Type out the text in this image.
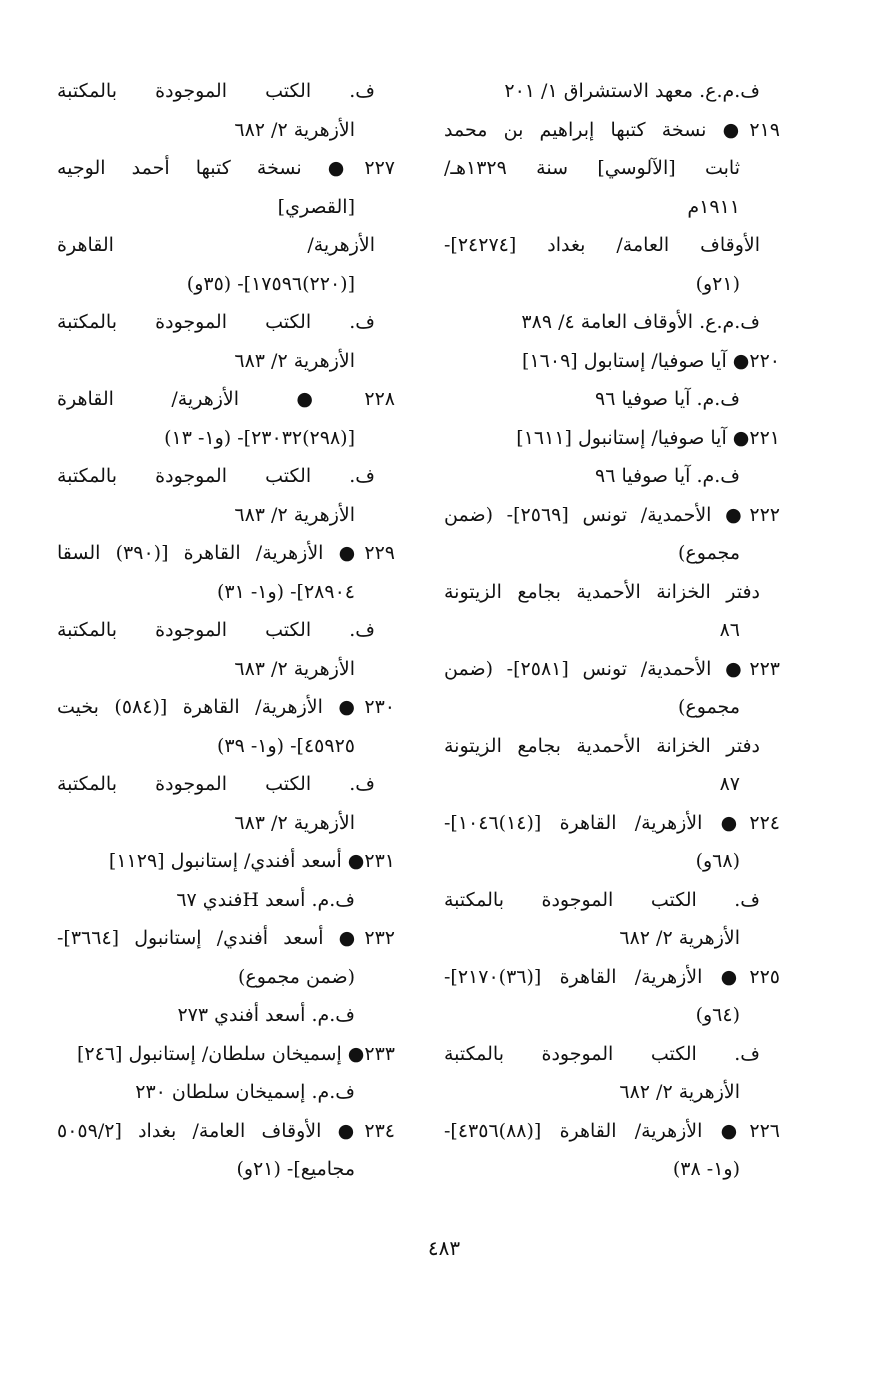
ف.م.ع. معهد الاستشراق ١/ ٢٠١
٢١٩● نسخة كتبها إبراهيم بن محمد
ثابت [الآلوسي] سنة ١٣٢٩هـ/
١٩١١م
الأوقاف العامة/ بغداد [٢٤٢٧٤]-
(٢١و)
ف.م.ع. الأوقاف العامة ٤/ ٣٨٩
٢٢٠● آيا صوفيا/ إستابول [١٦٠٩]
ف.م. آيا صوفيا ٩٦
٢٢١● آيا صوفيا/ إستانبول [١٦١١]
ف.م. آيا صوفيا ٩٦
٢٢٢● الأحمدية/ تونس [٢٥٦٩]- (ضمن
مجموع)
دفتر الخزانة الأحمدية بجامع الزيتونة
٨٦
٢٢٣● الأحمدية/ تونس [٢٥٨١]- (ضمن
مجموع)
دفتر الخزانة الأحمدية بجامع الزيتونة
٨٧
٢٢٤● الأزهرية/ القاهرة [(١٤)١٠٤٦]-
(٦٨و)
ف. الكتب الموجودة بالمكتبة
الأزهرية ٢/ ٦٨٢
٢٢٥● الأزهرية/ القاهرة [(٣٦)٢١٧٠]-
(٦٤و)
ف. الكتب الموجودة بالمكتبة
الأزهرية ٢/ ٦٨٢
٢٢٦● الأزهرية/ القاهرة [(٨٨)٤٣٥٦]-
(و١- ٣٨)
ف. الكتب الموجودة بالمكتبة
الأزهرية ٢/ ٦٨٢
٢٢٧● نسخة كتبها أحمد الوجيه
[القصري]
الأزهرية/ القاهرة
[(٢٢٠)١٧٥٩٦]- (٣٥و)
ف. الكتب الموجودة بالمكتبة
الأزهرية ٢/ ٦٨٣
٢٢٨● الأزهرية/ القاهرة
[(٢٩٨)٢٣٠٣٢]- (و١- ١٣)
ف. الكتب الموجودة بالمكتبة
الأزهرية ٢/ ٦٨٣
٢٢٩● الأزهرية/ القاهرة [(٣٩٠) السقا
٢٨٩٠٤]- (و١- ٣١)
ف. الكتب الموجودة بالمكتبة
الأزهرية ٢/ ٦٨٣
٢٣٠● الأزهرية/ القاهرة [(٥٨٤) بخيت
٤٥٩٢٥]- (و١- ٣٩)
ف. الكتب الموجودة بالمكتبة
الأزهرية ٢/ ٦٨٣
٢٣١● أسعد أفندي/ إستانبول [١١٢٩]
ف.م. أسعد Hفندي ٦٧
٢٣٢● أسعد أفندي/ إستانبول [٣٦٦٤]-
(ضمن مجموع)
ف.م. أسعد أفندي ٢٧٣
٢٣٣● إسميخان سلطان/ إستانبول [٢٤٦]
ف.م. إسميخان سلطان ٢٣٠
٢٣٤● الأوقاف العامة/ بغداد [٥٠٥٩/٢
مجاميع]- (٢١و)
٤٨٣
